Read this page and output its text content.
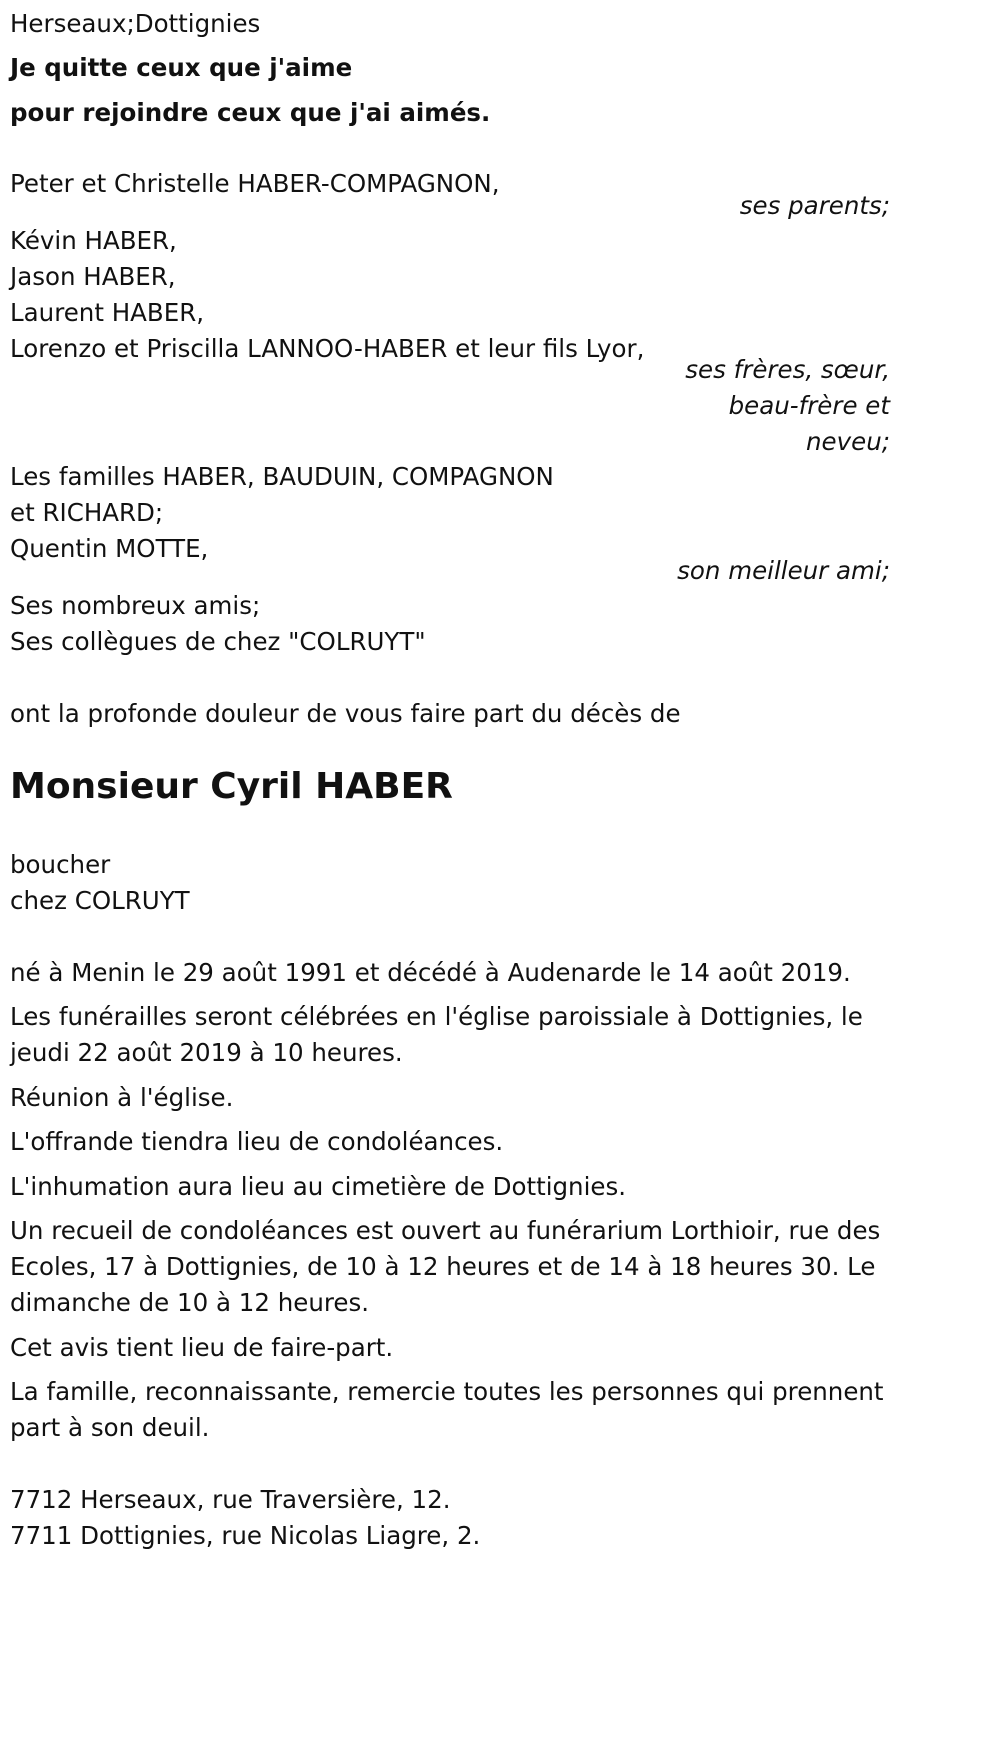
Herseaux;Dottignies
Je quitte ceux que j'aime
pour rejoindre ceux que j'ai aimés.
Peter et Christelle HABER-COMPAGNON,
ses parents;
Kévin HABER,
Jason HABER,
Laurent HABER,
Lorenzo et Priscilla LANNOO-HABER et leur fils Lyor,
ses frères, sœur,
beau-frère et
neveu;
Les familles HABER, BAUDUIN, COMPAGNON
et RICHARD;
Quentin MOTTE,
son meilleur ami;
Ses nombreux amis;
Ses collègues de chez "COLRUYT"
ont la profonde douleur de vous faire part du décès de
Monsieur Cyril HABER
boucher
chez COLRUYT
né à Menin le 29 août 1991 et décédé à Audenarde le 14 août 2019.
Les funérailles seront célébrées en l'église paroissiale à Dottignies, le
jeudi 22 août 2019 à 10 heures.
Réunion à l'église.
L'offrande tiendra lieu de condoléances.
L'inhumation aura lieu au cimetière de Dottignies.
Un recueil de condoléances est ouvert au funérarium Lorthioir, rue des
Ecoles, 17 à Dottignies, de 10 à 12 heures et de 14 à 18 heures 30. Le
dimanche de 10 à 12 heures.
Cet avis tient lieu de faire-part.
La famille, reconnaissante, remercie toutes les personnes qui prennent
part à son deuil.
7712 Herseaux, rue Traversière, 12.
7711 Dottignies, rue Nicolas Liagre, 2.
